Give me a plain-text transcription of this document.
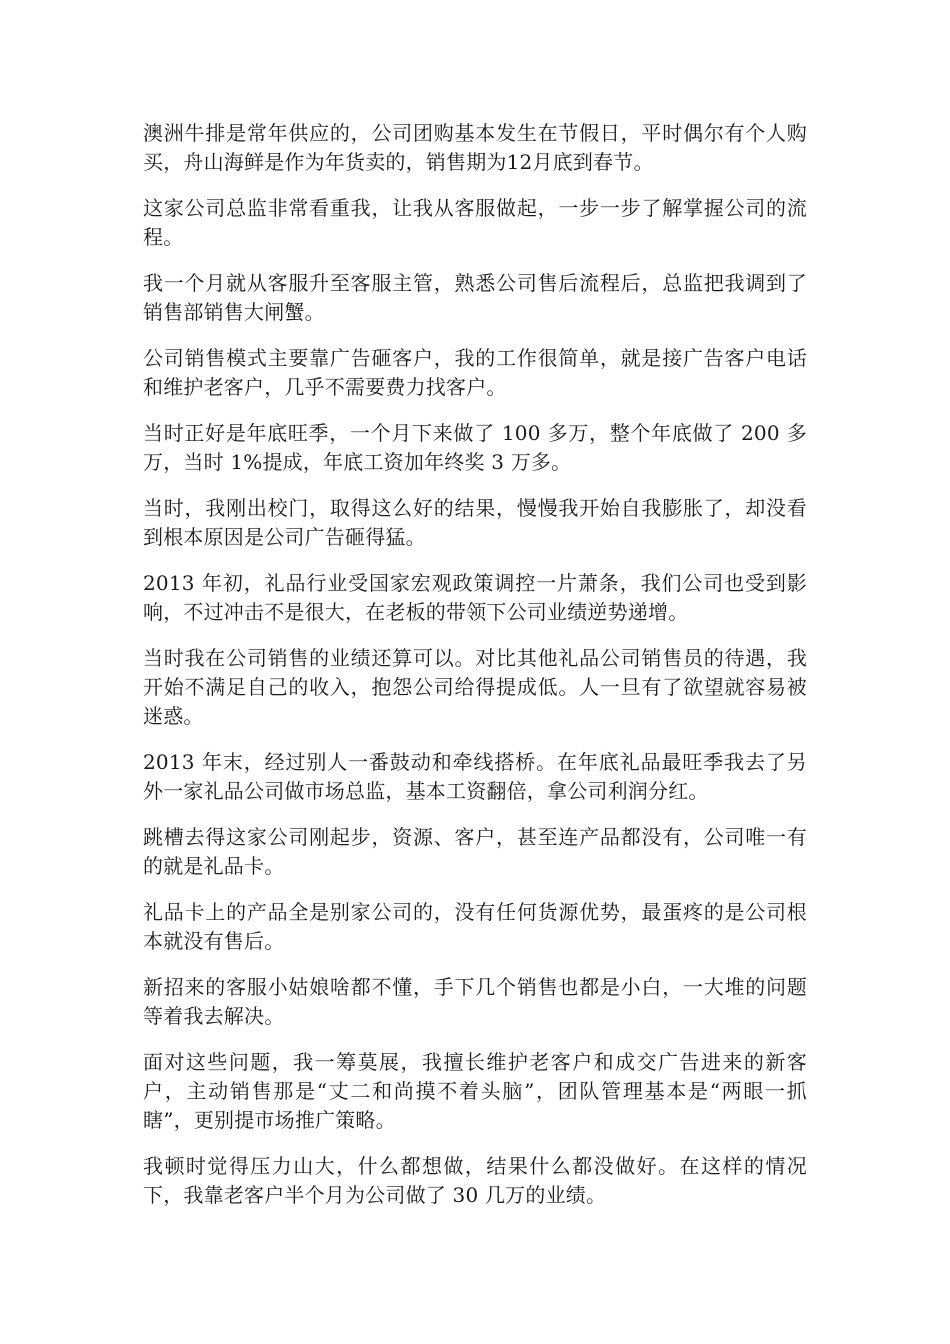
澳洲牛排是常年供应的，公司团购基本发生在节假日，平时偶尔有个人购买，舟山海鲜是作为年货卖的，销售期为12月底到春节。

这家公司总监非常看重我，让我从客服做起，一步一步了解掌握公司的流程。

我一个月就从客服升至客服主管，熟悉公司售后流程后，总监把我调到了销售部销售大闸蟹。

公司销售模式主要靠广告砸客户，我的工作很简单，就是接广告客户电话和维护老客户，几乎不需要费力找客户。

当时正好是年底旺季，一个月下来做了 100 多万，整个年底做了 200 多万，当时 1%提成，年底工资加年终奖 3 万多。

当时，我刚出校门，取得这么好的结果，慢慢我开始自我膨胀了，却没看到根本原因是公司广告砸得猛。

2013 年初，礼品行业受国家宏观政策调控一片萧条，我们公司也受到影响，不过冲击不是很大，在老板的带领下公司业绩逆势递增。

当时我在公司销售的业绩还算可以。对比其他礼品公司销售员的待遇，我开始不满足自己的收入，抱怨公司给得提成低。人一旦有了欲望就容易被迷惑。

2013 年末，经过别人一番鼓动和牵线搭桥。在年底礼品最旺季我去了另外一家礼品公司做市场总监，基本工资翻倍，拿公司利润分红。

跳槽去得这家公司刚起步，资源、客户，甚至连产品都没有，公司唯一有的就是礼品卡。

礼品卡上的产品全是别家公司的，没有任何货源优势，最蛋疼的是公司根本就没有售后。

新招来的客服小姑娘啥都不懂，手下几个销售也都是小白，一大堆的问题等着我去解决。

面对这些问题，我一筹莫展，我擅长维护老客户和成交广告进来的新客户，主动销售那是“丈二和尚摸不着头脑”，团队管理基本是“两眼一抓瞎”，更别提市场推广策略。

我顿时觉得压力山大，什么都想做，结果什么都没做好。在这样的情况下，我靠老客户半个月为公司做了 30 几万的业绩。
